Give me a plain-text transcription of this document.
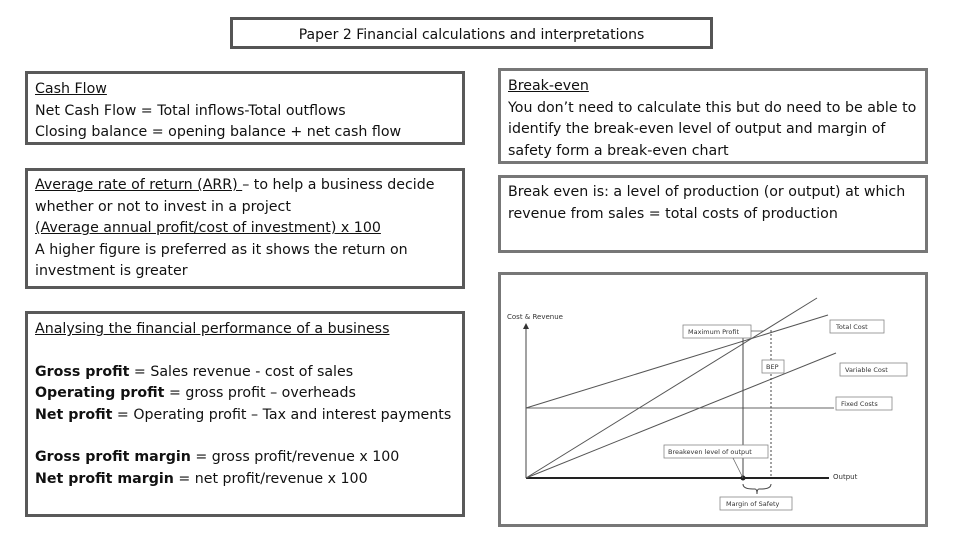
Paper 2 Financial calculations and interpretations

Cash Flow

Net Cash Flow = Total inflows-Total outflows

Closing balance = opening balance + net cash flow

Average rate of return (ARR) – to help a business decide whether or not to invest in a project

(Average annual profit/cost of investment) x 100

A higher figure is preferred as it shows the return on investment is greater

Analysing the financial performance of a business

Gross profit = Sales revenue - cost of sales

Operating profit = gross profit – overheads

Net profit = Operating profit – Tax and interest payments

Gross profit margin = gross profit/revenue x 100

Net profit margin = net profit/revenue x 100

Break-even

You don’t need to calculate this but do need to be able to identify the break-even level of output and margin of safety form a break-even chart

Break even is: a level of production (or output) at which revenue from sales = total costs of production

Cost & Revenue
Output
Maximum Profit
Total Cost
BEP	Variable Cost
Fixed Costs
Breakeven level of output
Margin of Safety
